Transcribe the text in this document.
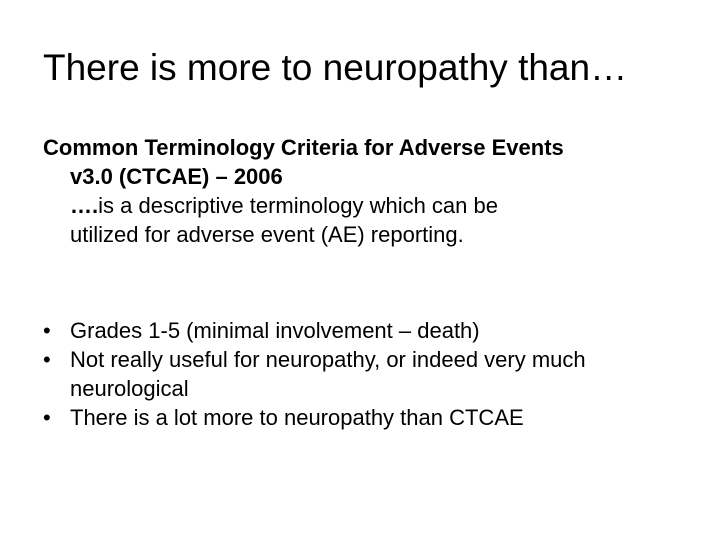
There is more to neuropathy than…
Common Terminology Criteria for Adverse Events
v3.0 (CTCAE) – 2006
….is a descriptive terminology which can be
utilized for adverse event (AE) reporting.
• Grades 1-5 (minimal involvement – death)
• Not really useful for neuropathy, or indeed very much neurological
• There is a lot more to neuropathy than CTCAE
